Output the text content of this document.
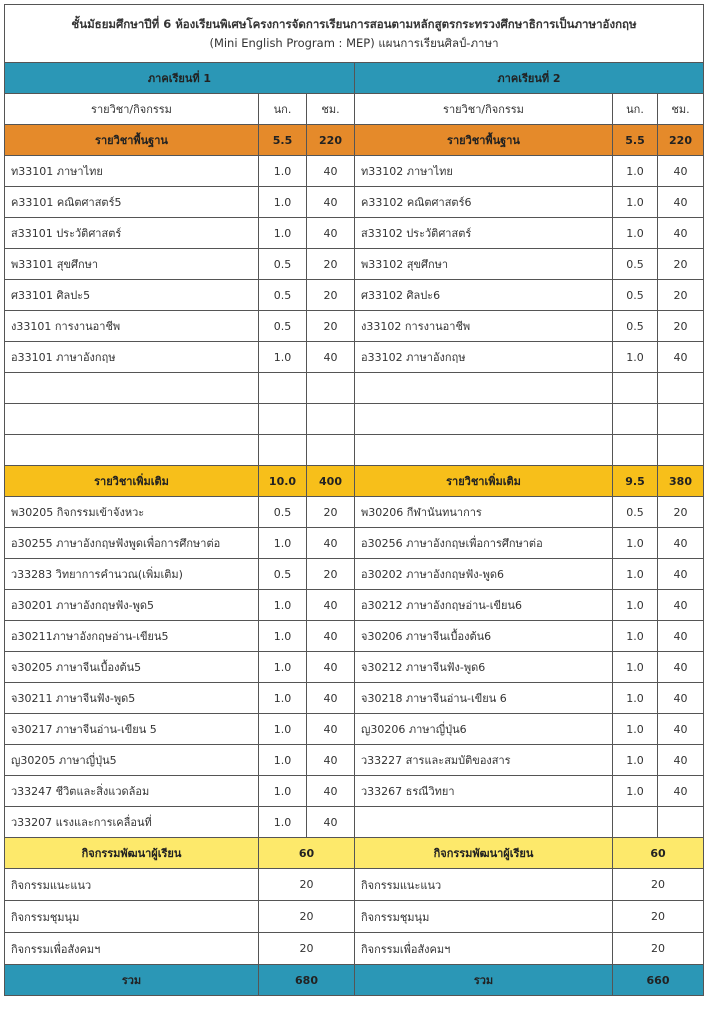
ชั้นมัธยมศึกษาปีที่ 6 ห้องเรียนพิเศษโครงการจัดการเรียนการสอนตามหลักสูตรกระทรวงศึกษาธิการเป็นภาษาอังกฤษ
(Mini English Program : MEP) แผนการเรียนศิลป์-ภาษา					

ภาคเรียนที่ 1			ภาคเรียนที่ 2		
รายวิชา/กิจกรรม	นก.	ชม.	รายวิชา/กิจกรรม	นก.	ชม.
รายวิชาพื้นฐาน	5.5	220	รายวิชาพื้นฐาน	5.5	220
ท33101 ภาษาไทย	1.0	40	ท33102 ภาษาไทย	1.0	40
ค33101 คณิตศาสตร์5	1.0	40	ค33102 คณิตศาสตร์6	1.0	40
ส33101 ประวัติศาสตร์	1.0	40	ส33102 ประวัติศาสตร์	1.0	40
พ33101 สุขศึกษา	0.5	20	พ33102 สุขศึกษา	0.5	20
ศ33101 ศิลปะ5	0.5	20	ศ33102 ศิลปะ6	0.5	20
ง33101 การงานอาชีพ	0.5	20	ง33102 การงานอาชีพ	0.5	20
อ33101 ภาษาอังกฤษ	1.0	40	อ33102 ภาษาอังกฤษ	1.0	40

รายวิชาเพิ่มเติม	10.0	400	รายวิชาเพิ่มเติม	9.5	380
พ30205 กิจกรรมเข้าจังหวะ	0.5	20	พ30206 กีฬานันทนาการ	0.5	20
อ30255 ภาษาอังกฤษฟังพูดเพื่อการศึกษาต่อ	1.0	40	อ30256 ภาษาอังกฤษเพื่อการศึกษาต่อ	1.0	40
ว33283 วิทยาการคำนวณ(เพิ่มเติม)	0.5	20	อ30202 ภาษาอังกฤษฟัง-พูด6	1.0	40
อ30201 ภาษาอังกฤษฟัง-พูด5	1.0	40	อ30212 ภาษาอังกฤษอ่าน-เขียน6	1.0	40
อ30211ภาษาอังกฤษอ่าน-เขียน5	1.0	40	จ30206 ภาษาจีนเบื้องต้น6	1.0	40
จ30205 ภาษาจีนเบื้องต้น5	1.0	40	จ30212 ภาษาจีนฟัง-พูด6	1.0	40
จ30211 ภาษาจีนฟัง-พูด5	1.0	40	จ30218 ภาษาจีนอ่าน-เขียน 6	1.0	40
จ30217 ภาษาจีนอ่าน-เขียน 5	1.0	40	ญ30206 ภาษาญี่ปุ่น6	1.0	40
ญ30205 ภาษาญี่ปุ่น5	1.0	40	ว33227 สารและสมบัติของสาร	1.0	40
ว33247 ชีวิตและสิ่งแวดล้อม	1.0	40	ว33267 ธรณีวิทยา	1.0	40
ว33207 แรงและการเคลื่อนที่	1.0	40			
กิจกรรมพัฒนาผู้เรียน	60		กิจกรรมพัฒนาผู้เรียน	60	
กิจกรรมแนะแนว	20		กิจกรรมแนะแนว	20	
กิจกรรมชุมนุม	20		กิจกรรมชุมนุม	20	
กิจกรรมเพื่อสังคมฯ	20		กิจกรรมเพื่อสังคมฯ	20	
รวม	680		รวม	660	
